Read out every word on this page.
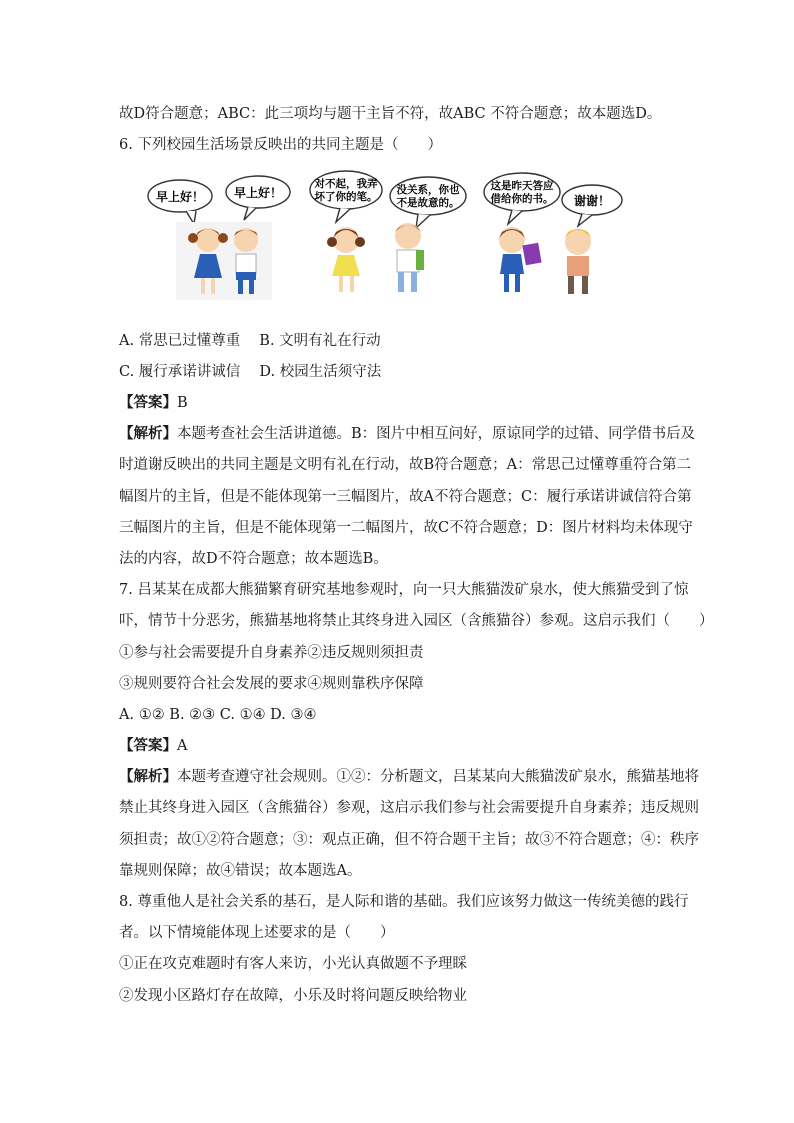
故D符合题意；ABC：此三项均与题干主旨不符，故ABC 不符合题意；故本题选D。
6. 下列校园生活场景反映出的共同主题是（　　）
早上好！ 早上好！
对不起，我弄
坏了你的笔。
没关系，你也
不是故意的。
这是昨天答应
借给你的书。 谢谢！
A. 常思已过懂尊重　 B. 文明有礼在行动
C. 履行承诺讲诚信　 D. 校园生活须守法
【答案】B
【解析】本题考查社会生活讲道德。B：图片中相互问好，原谅同学的过错、同学借书后及
时道谢反映出的共同主题是文明有礼在行动，故B符合题意；A：常思己过懂尊重符合第二
幅图片的主旨，但是不能体现第一三幅图片，故A不符合题意；C：履行承诺讲诚信符合第
三幅图片的主旨，但是不能体现第一二幅图片，故C不符合题意；D：图片材料均未体现守
法的内容，故D不符合题意；故本题选B。
7. 吕某某在成都大熊猫繁育研究基地参观时，向一只大熊猫泼矿泉水，使大熊猫受到了惊
吓，情节十分恶劣，熊猫基地将禁止其终身进入园区（含熊猫谷）参观。这启示我们（　　）
①参与社会需要提升自身素养②违反规则须担责
③规则要符合社会发展的要求④规则靠秩序保障
A. ①② B. ②③ C. ①④ D. ③④
【答案】A
【解析】本题考查遵守社会规则。①②：分析题文，吕某某向大熊猫泼矿泉水，熊猫基地将
禁止其终身进入园区（含熊猫谷）参观，这启示我们参与社会需要提升自身素养；违反规则
须担责；故①②符合题意；③：观点正确，但不符合题干主旨；故③不符合题意；④：秩序
靠规则保障；故④错误；故本题选A。
8. 尊重他人是社会关系的基石，是人际和谐的基础。我们应该努力做这一传统美德的践行
者。以下情境能体现上述要求的是（　　）
①正在攻克难题时有客人来访，小光认真做题不予理睬
②发现小区路灯存在故障，小乐及时将问题反映给物业
